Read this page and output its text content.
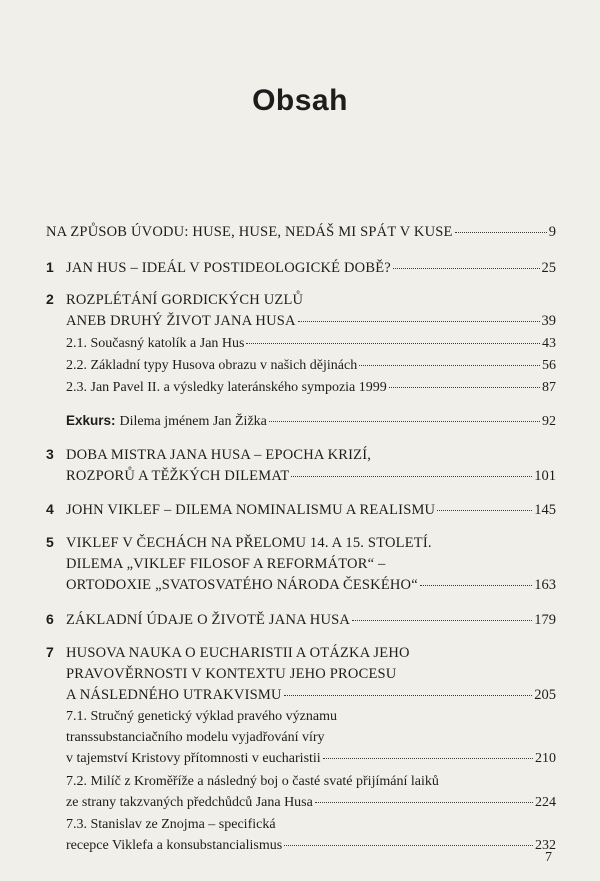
Obsah
NA ZPŮSOB ÚVODU: HUSE, HUSE, NEDÁŠ MI SPÁT V KUSE	9
1 JAN HUS – IDEÁL V POSTIDEOLOGICKÉ DOBĚ?	25
2 ROZPLÉTÁNÍ GORDICKÝCH UZLŮ
ANEB DRUHÝ ŽIVOT JANA HUSA	39
2.1. Současný katolík a Jan Hus	43
2.2. Základní typy Husova obrazu v našich dějinách	56
2.3. Jan Pavel II. a výsledky lateránského sympozia 1999	87
Exkurs: Dilema jménem Jan Žižka	92
3 DOBA MISTRA JANA HUSA – EPOCHA KRIZÍ,
ROZPORŮ A TĚŽKÝCH DILEMAT	101
4 JOHN VIKLEF – DILEMA NOMINALISMU A REALISMU	145
5 VIKLEF V ČECHÁCH NA PŘELOMU 14. A 15. STOLETÍ.
DILEMA „VIKLEF FILOSOF A REFORMÁTOR“ –
ORTODOXIE „SVATOSVATÉHO NÁRODA ČESKÉHO“	163
6 ZÁKLADNÍ ÚDAJE O ŽIVOTĚ JANA HUSA	179
7 HUSOVA NAUKA O EUCHARISTII A OTÁZKA JEHO
PRAVOVĚRNOSTI V KONTEXTU JEHO PROCESU
A NÁSLEDNÉHO UTRAKVISMU	205
7.1. Stručný genetický výklad pravého významu
transsubstanciačního modelu vyjadřování víry
v tajemství Kristovy přítomnosti v eucharistii	210
7.2. Milíč z Kroměříže a následný boj o časté svaté přijímání laiků
ze strany takzvaných předchůdců Jana Husa	224
7.3. Stanislav ze Znojma – specifická
recepce Viklefa a konsubstancialismus	232
7
